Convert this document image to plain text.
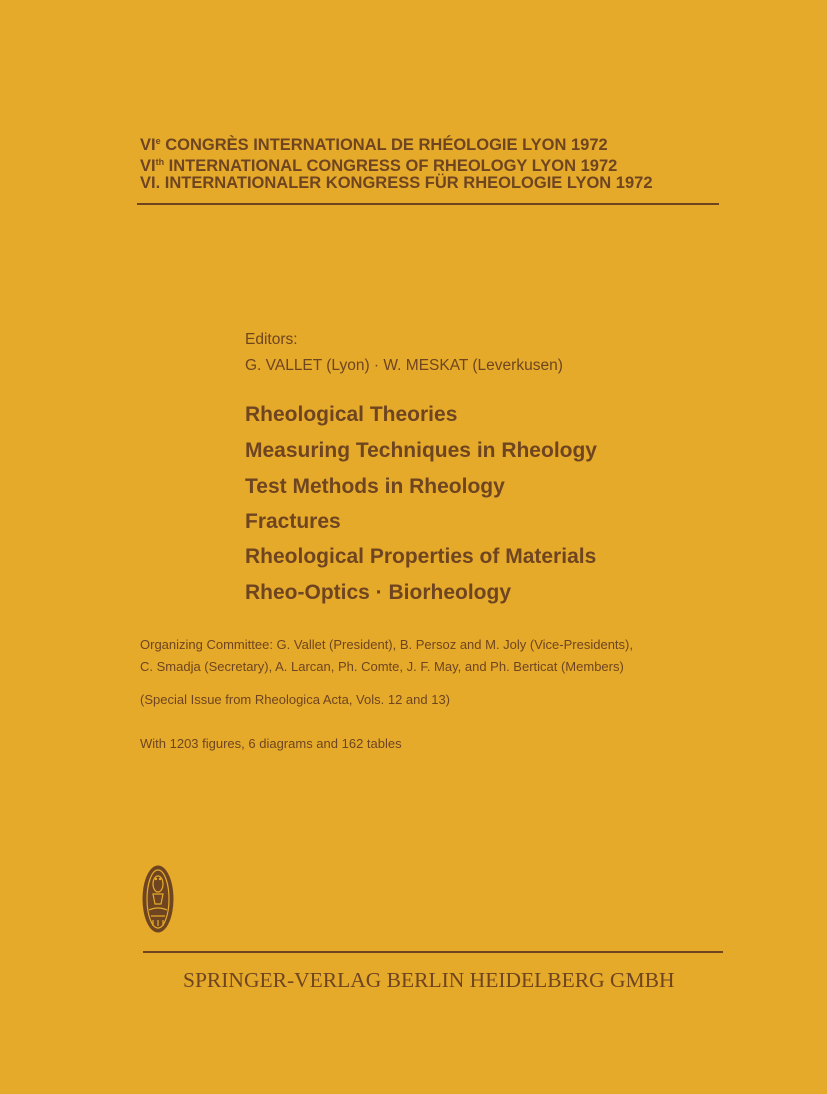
VIe CONGRÈS INTERNATIONAL DE RHÉOLOGIE LYON 1972
VIth INTERNATIONAL CONGRESS OF RHEOLOGY LYON 1972
VI. INTERNATIONALER KONGRESS FÜR RHEOLOGIE LYON 1972
Editors:
G. VALLET (Lyon) · W. MESKAT (Leverkusen)
Rheological Theories
Measuring Techniques in Rheology
Test Methods in Rheology
Fractures
Rheological Properties of Materials
Rheo-Optics · Biorheology
Organizing Committee: G. Vallet (President), B. Persoz and M. Joly (Vice-Presidents),
C. Smadja (Secretary), A. Larcan, Ph. Comte, J. F. May, and Ph. Berticat (Members)
(Special Issue from Rheologica Acta, Vols. 12 and 13)
With 1203 figures, 6 diagrams and 162 tables
SPRINGER-VERLAG BERLIN HEIDELBERG GMBH
